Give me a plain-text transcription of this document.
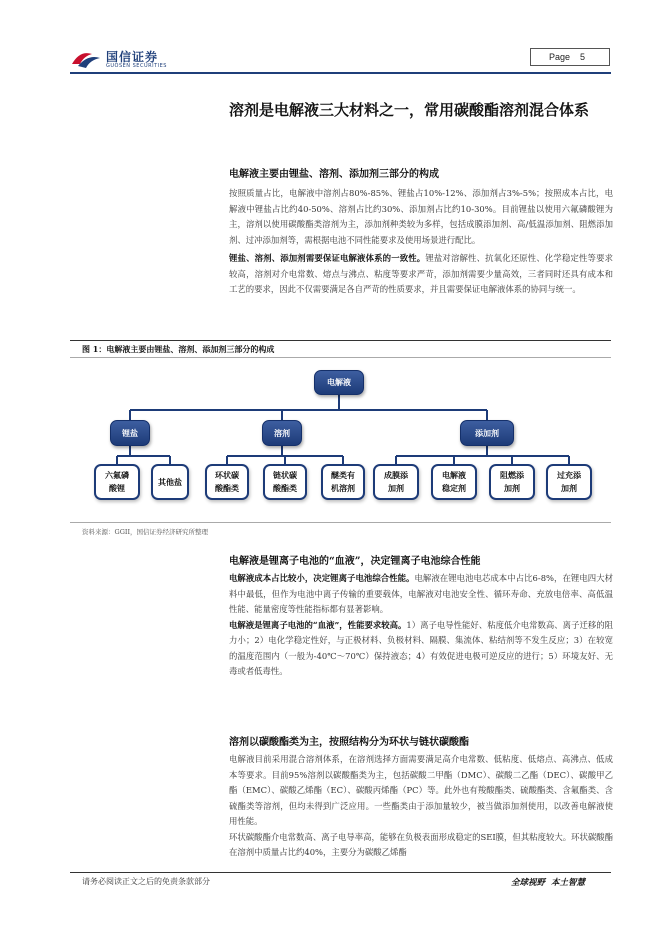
国信证券
GUOSEN SECURITIES
Page 5
溶剂是电解液三大材料之一，常用碳酸酯溶剂混合体系
电解液主要由锂盐、溶剂、添加剂三部分的构成
按照质量占比，电解液中溶剂占80%-85%、锂盐占10%-12%、添加剂占3%-5%；按照成本占比，电解液中锂盐占比约40-50%、溶剂占比约30%、添加剂占比约10-30%。目前锂盐以使用六氟磷酸锂为主，溶剂以使用碳酸酯类溶剂为主，添加剂种类较为多样，包括成膜添加剂、高/低温添加剂、阻燃添加剂、过冲添加剂等，需根据电池不同性能要求及使用场景进行配比。
锂盐、溶剂、添加剂需要保证电解液体系的一致性。锂盐对溶解性、抗氧化还原性、化学稳定性等要求较高，溶剂对介电常数、熔点与沸点、粘度等要求严苛，添加剂需要少量高效，三者同时还具有成本和工艺的要求，因此不仅需要满足各自严苛的性质要求，并且需要保证电解液体系的协同与统一。
图 1：电解液主要由锂盐、溶剂、添加剂三部分的构成
电解液
锂盐	溶剂	添加剂
六氟磷
酸锂
其他盐
环状碳
酸酯类
链状碳
酸酯类
醚类有
机溶剂
成膜添
加剂
电解液
稳定剂
阻燃添
加剂
过充添
加剂
资料来源：GGII，国信证券经济研究所整理
电解液是锂离子电池的“血液”，决定锂离子电池综合性能
电解液成本占比较小，决定锂离子电池综合性能。电解液在锂电池电芯成本中占比6-8%，在锂电四大材料中最低，但作为电池中离子传输的重要载体，电解液对电池安全性、循环寿命、充放电倍率、高低温性能、能量密度等性能指标都有显著影响。
电解液是锂离子电池的“血液”，性能要求较高。1）离子电导性能好、粘度低介电常数高、离子迁移的阻力小；2）电化学稳定性好，与正极材料、负极材料、隔膜、集流体、粘结剂等不发生反应；3）在较宽的温度范围内（一般为-40℃～70℃）保持液态；4）有效促进电极可逆反应的进行；5）环境友好、无毒或者低毒性。
溶剂以碳酸酯类为主，按照结构分为环状与链状碳酸酯
电解液目前采用混合溶剂体系，在溶剂选择方面需要满足高介电常数、低粘度、低熔点、高沸点、低成本等要求。目前95%溶剂以碳酸酯类为主，包括碳酸二甲酯（DMC）、碳酸二乙酯（DEC）、碳酸甲乙酯（EMC）、碳酸乙烯酯（EC）、碳酸丙烯酯（PC）等。此外也有羧酸酯类、硫酸酯类、含氟酯类、含硫酯类等溶剂，但均未得到广泛应用。一些酯类由于添加量较少，被当做添加剂使用，以改善电解液使用性能。
环状碳酸酯介电常数高、离子电导率高，能够在负极表面形成稳定的SEI膜，但其粘度较大。环状碳酸酯在溶剂中质量占比约40%，主要分为碳酸乙烯酯
请务必阅读正文之后的免责条款部分	全球视野 本土智慧
